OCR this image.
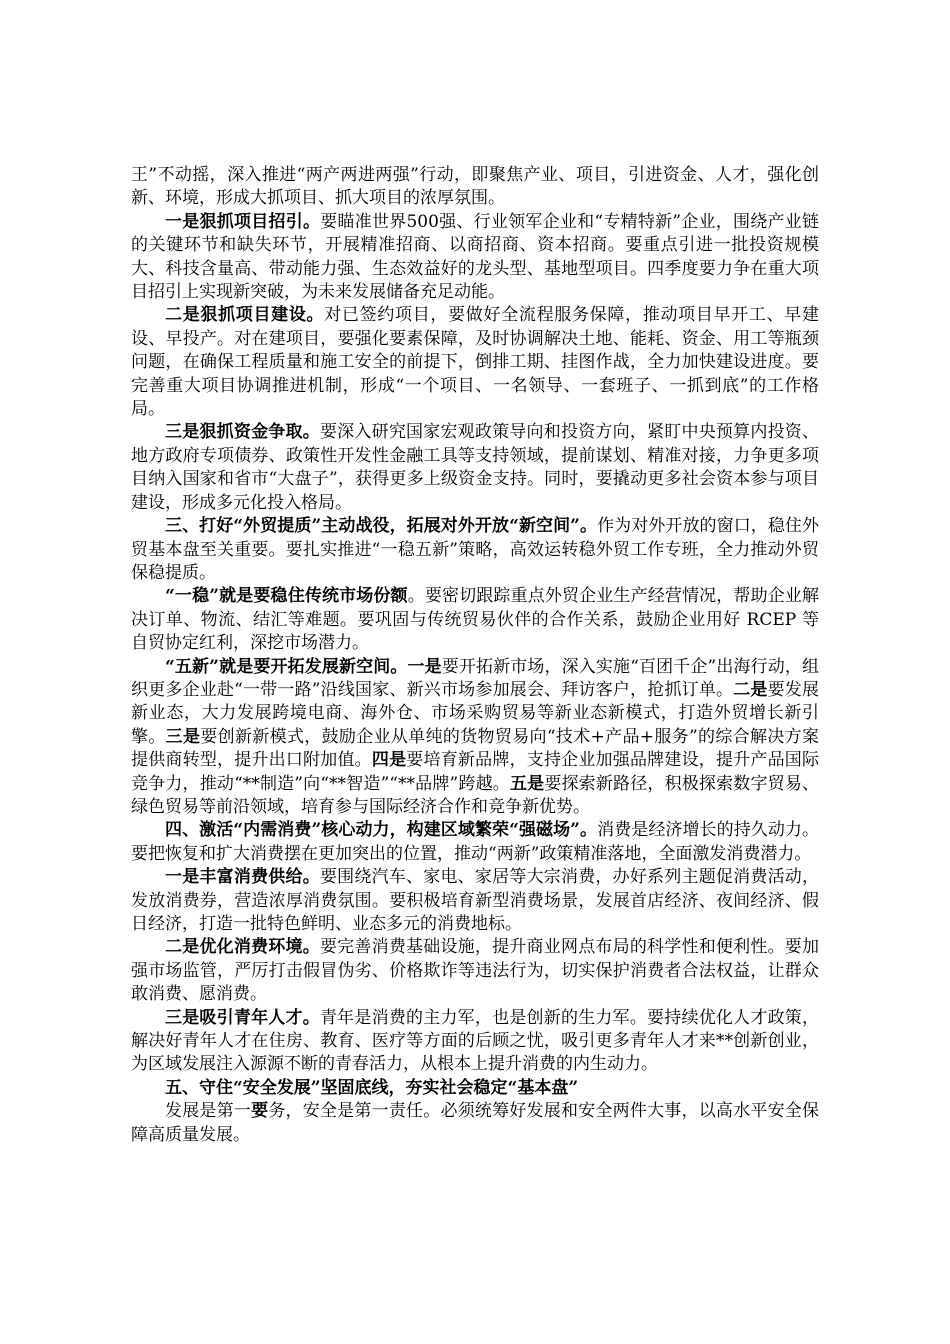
王”不动摇，深入推进“两产两进两强”行动，即聚焦产业、项目，引进资金、人才，强化创新、环境，形成大抓项目、抓大项目的浓厚氛围。

一是狠抓项目招引。要瞄准世界500强、行业领军企业和“专精特新”企业，围绕产业链的关键环节和缺失环节，开展精准招商、以商招商、资本招商。要重点引进一批投资规模大、科技含量高、带动能力强、生态效益好的龙头型、基地型项目。四季度要力争在重大项目招引上实现新突破，为未来发展储备充足动能。

二是狠抓项目建设。对已签约项目，要做好全流程服务保障，推动项目早开工、早建设、早投产。对在建项目，要强化要素保障，及时协调解决土地、能耗、资金、用工等瓶颈问题，在确保工程质量和施工安全的前提下，倒排工期、挂图作战，全力加快建设进度。要完善重大项目协调推进机制，形成“一个项目、一名领导、一套班子、一抓到底”的工作格局。

三是狠抓资金争取。要深入研究国家宏观政策导向和投资方向，紧盯中央预算内投资、地方政府专项债券、政策性开发性金融工具等支持领域，提前谋划、精准对接，力争更多项目纳入国家和省市“大盘子”，获得更多上级资金支持。同时，要撬动更多社会资本参与项目建设，形成多元化投入格局。

三、打好“外贸提质”主动战役，拓展对外开放“新空间”。作为对外开放的窗口，稳住外贸基本盘至关重要。要扎实推进“一稳五新”策略，高效运转稳外贸工作专班，全力推动外贸保稳提质。

“一稳”就是要稳住传统市场份额。要密切跟踪重点外贸企业生产经营情况，帮助企业解决订单、物流、结汇等难题。要巩固与传统贸易伙伴的合作关系，鼓励企业用好 RCEP 等自贸协定红利，深挖市场潜力。

“五新”就是要开拓发展新空间。一是要开拓新市场，深入实施“百团千企”出海行动，组织更多企业赴“一带一路”沿线国家、新兴市场参加展会、拜访客户，抢抓订单。二是要发展新业态，大力发展跨境电商、海外仓、市场采购贸易等新业态新模式，打造外贸增长新引擎。三是要创新新模式，鼓励企业从单纯的货物贸易向“技术+产品+服务”的综合解决方案提供商转型，提升出口附加值。四是要培育新品牌，支持企业加强品牌建设，提升产品国际竞争力，推动“**制造”向“**智造”“**品牌”跨越。五是要探索新路径，积极探索数字贸易、绿色贸易等前沿领域，培育参与国际经济合作和竞争新优势。

四、激活“内需消费”核心动力，构建区域繁荣“强磁场”。消费是经济增长的持久动力。要把恢复和扩大消费摆在更加突出的位置，推动“两新”政策精准落地，全面激发消费潜力。

一是丰富消费供给。要围绕汽车、家电、家居等大宗消费，办好系列主题促消费活动，发放消费券，营造浓厚消费氛围。要积极培育新型消费场景，发展首店经济、夜间经济、假日经济，打造一批特色鲜明、业态多元的消费地标。

二是优化消费环境。要完善消费基础设施，提升商业网点布局的科学性和便利性。要加强市场监管，严厉打击假冒伪劣、价格欺诈等违法行为，切实保护消费者合法权益，让群众敢消费、愿消费。

三是吸引青年人才。青年是消费的主力军，也是创新的生力军。要持续优化人才政策，解决好青年人才在住房、教育、医疗等方面的后顾之忧，吸引更多青年人才来**创新创业，为区域发展注入源源不断的青春活力，从根本上提升消费的内生动力。

五、守住“安全发展”坚固底线，夯实社会稳定“基本盘”

发展是第一要务，安全是第一责任。必须统筹好发展和安全两件大事，以高水平安全保障高质量发展。
